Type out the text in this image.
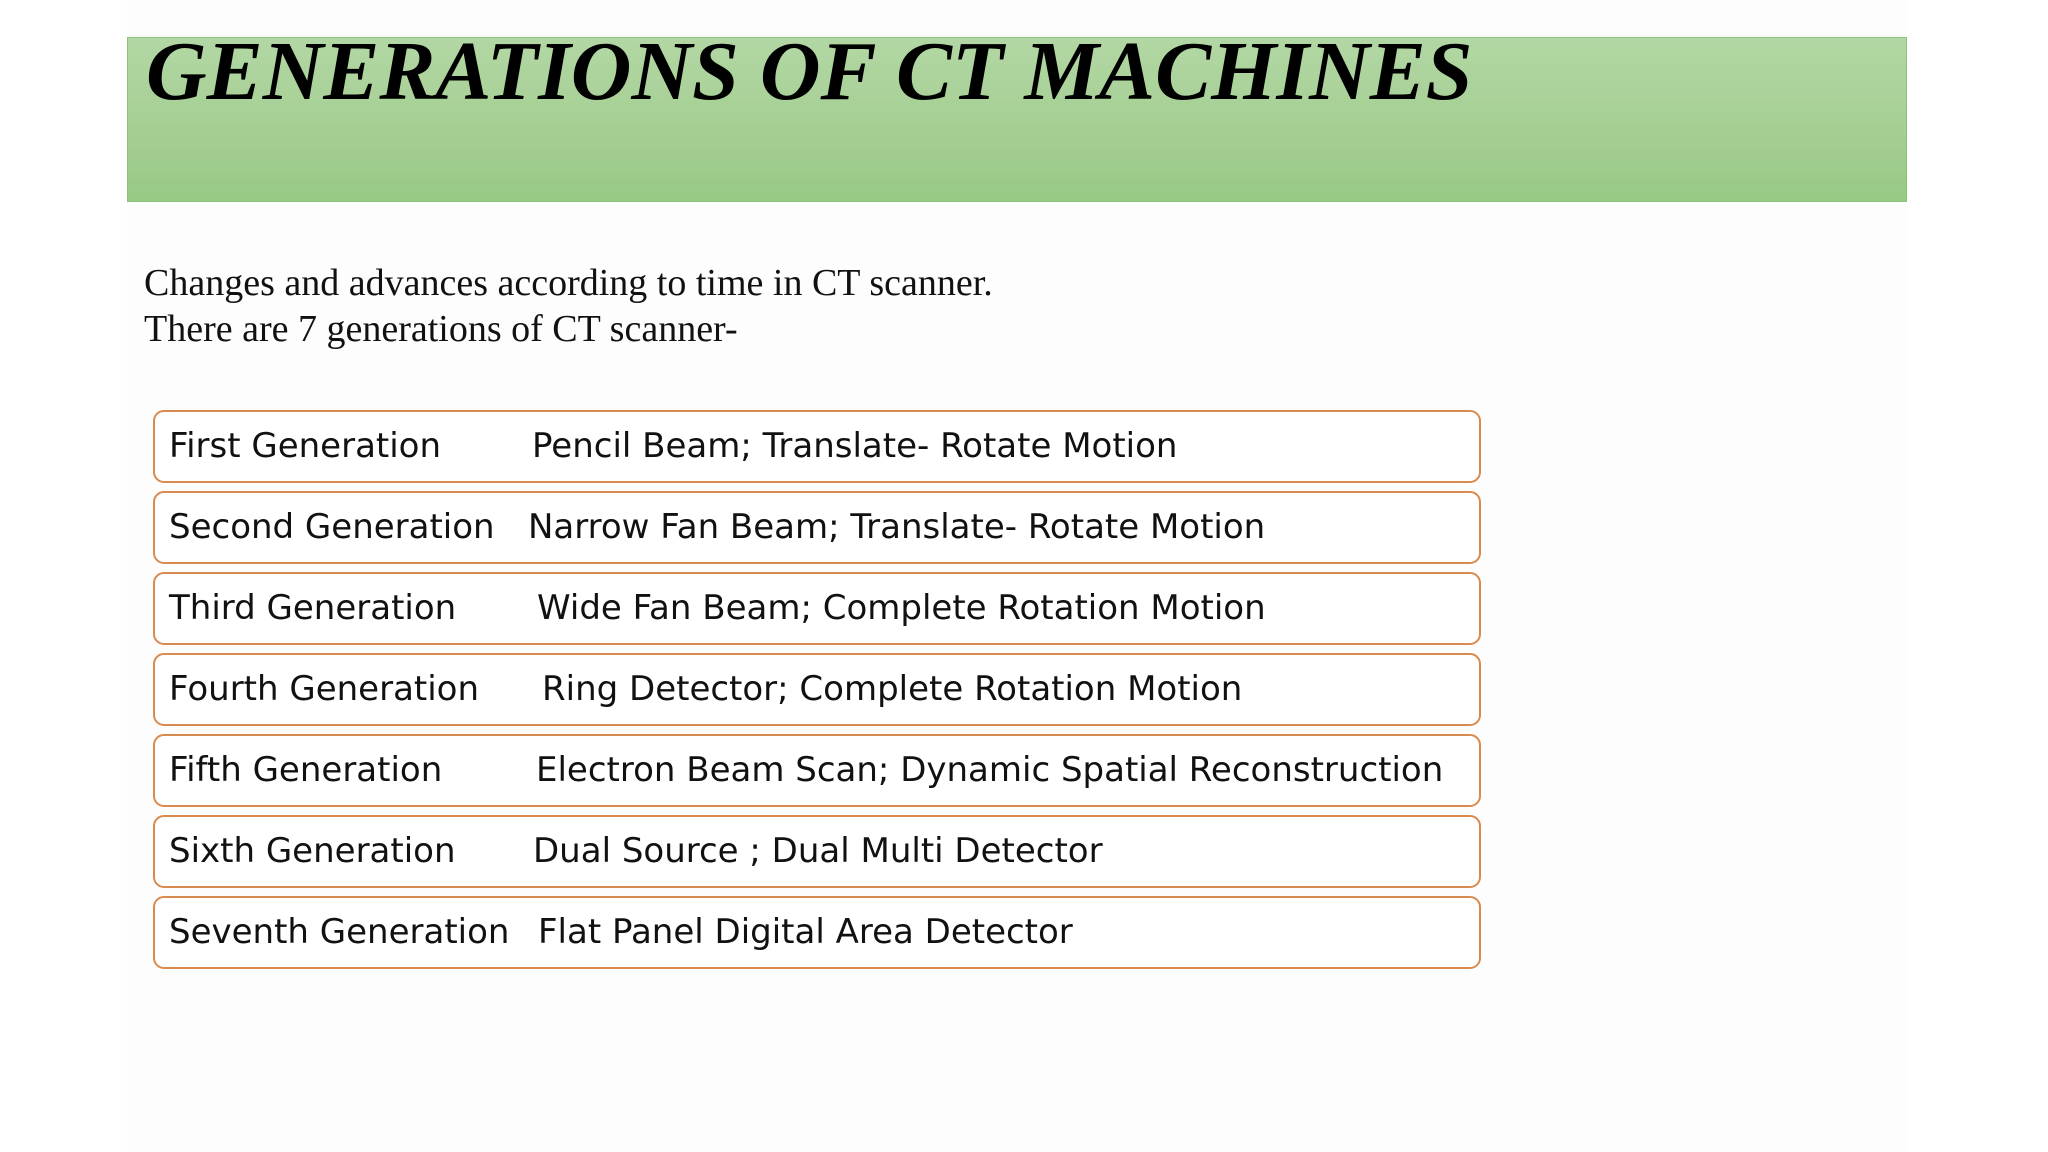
GENERATIONS OF CT MACHINES
Changes and advances according to time in CT scanner.
There are 7 generations of CT scanner-
First Generation	Pencil Beam; Translate- Rotate Motion
Second Generation Narrow Fan Beam; Translate- Rotate Motion
Third Generation Wide Fan Beam; Complete Rotation Motion
Fourth Generation Ring Detector; Complete Rotation Motion
Fifth Generation	Electron Beam Scan; Dynamic Spatial Reconstruction
Sixth Generation Dual Source ; Dual Multi Detector
Seventh Generation Flat Panel Digital Area Detector
